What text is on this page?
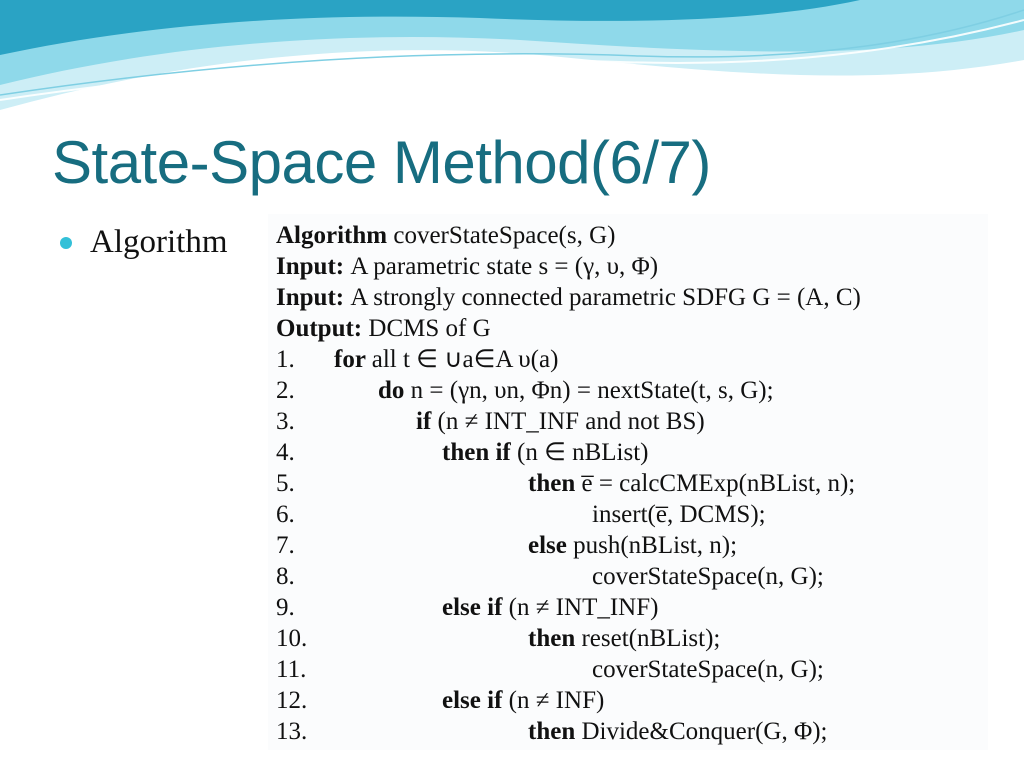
State-Space Method(6/7)
Algorithm Algorithm coverStateSpace(s, G)
Input: A parametric state s = (γ, υ, Φ)
Input: A strongly connected parametric SDFG G = (A, C)
Output: DCMS of G
1.	for all t ∈ ∪a∈A υ(a)
2.	do n = (γn, υn, Φn) = nextState(t, s, G);
3.	if (n ≠ INT_INF and not BS)
4.	then if (n ∈ nBList)
5.	then e̅ = calcCMExp(nBList, n);
6.	insert(e̅, DCMS);
7.	else push(nBList, n);
8.	coverStateSpace(n, G);
9.	else if (n ≠ INT_INF)
10.	then reset(nBList);
11.	coverStateSpace(n, G);
12.	else if (n ≠ INF)
13.	then Divide&Conquer(G, Φ);
